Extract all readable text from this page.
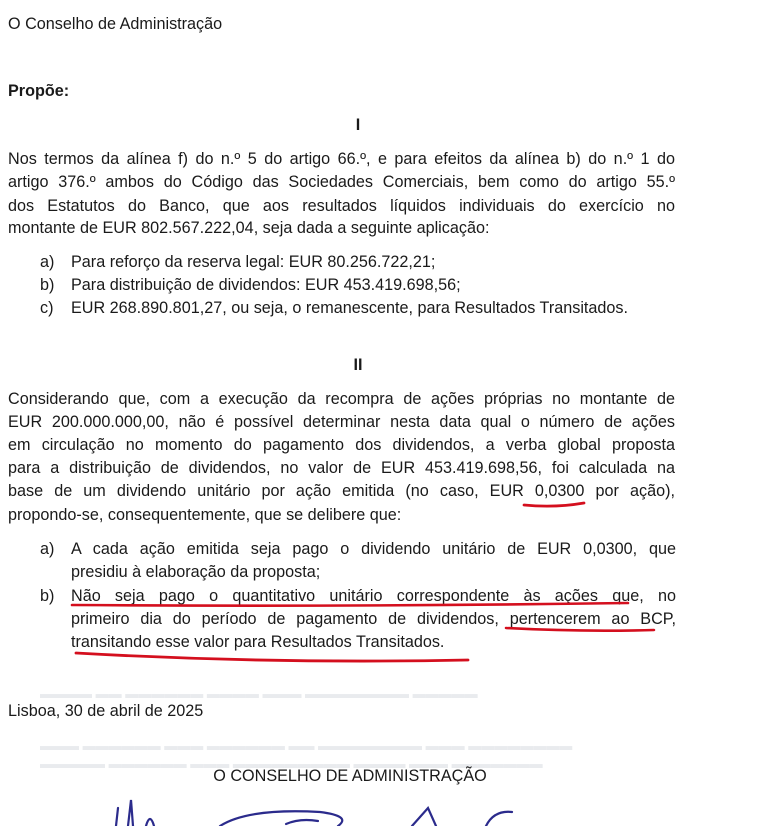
▬▬▬▬ ▬▬ ▬▬▬▬▬▬ ▬▬▬▬ ▬▬▬ ▬▬▬▬▬▬▬▬ ▬▬▬▬▬
▬▬▬ ▬▬▬▬▬▬ ▬▬▬ ▬▬▬▬▬▬ ▬▬ ▬▬▬▬▬▬▬▬ ▬▬▬ ▬▬▬▬▬▬▬▬
▬▬▬▬▬ ▬▬▬▬▬▬ ▬▬▬ ▬▬▬▬▬▬▬▬▬ ▬▬▬▬ ▬▬▬ ▬▬▬▬▬▬▬
O Conselho de Administração
Propõe:
I
Nos termos da alínea f) do n.º 5 do artigo 66.º, e para efeitos da alínea b) do n.º 1 do
artigo 376.º ambos do Código das Sociedades Comerciais, bem como do artigo 55.º
dos Estatutos do Banco, que aos resultados líquidos individuais do exercício no
montante de EUR 802.567.222,04, seja dada a seguinte aplicação:
a)	Para reforço da reserva legal: EUR 80.256.722,21;
b)	Para distribuição de dividendos: EUR 453.419.698,56;
c)	EUR 268.890.801,27, ou seja, o remanescente, para Resultados Transitados.
II
Considerando que, com a execução da recompra de ações próprias no montante de
EUR 200.000.000,00, não é possível determinar nesta data qual o número de ações
em circulação no momento do pagamento dos dividendos, a verba global proposta
para a distribuição de dividendos, no valor de EUR 453.419.698,56, foi calculada na
base de um dividendo unitário por ação emitida (no caso, EUR 0,0300 por ação),
propondo-se, consequentemente, que se delibere que:
a)	A cada ação emitida seja pago o dividendo unitário de EUR 0,0300, que
presidiu à elaboração da proposta;
b)	Não seja pago o quantitativo unitário correspondente às ações que, no
primeiro dia do período de pagamento de dividendos, pertencerem ao BCP,
transitando esse valor para Resultados Transitados.
Lisboa, 30 de abril de 2025
O CONSELHO DE ADMINISTRAÇÃO
